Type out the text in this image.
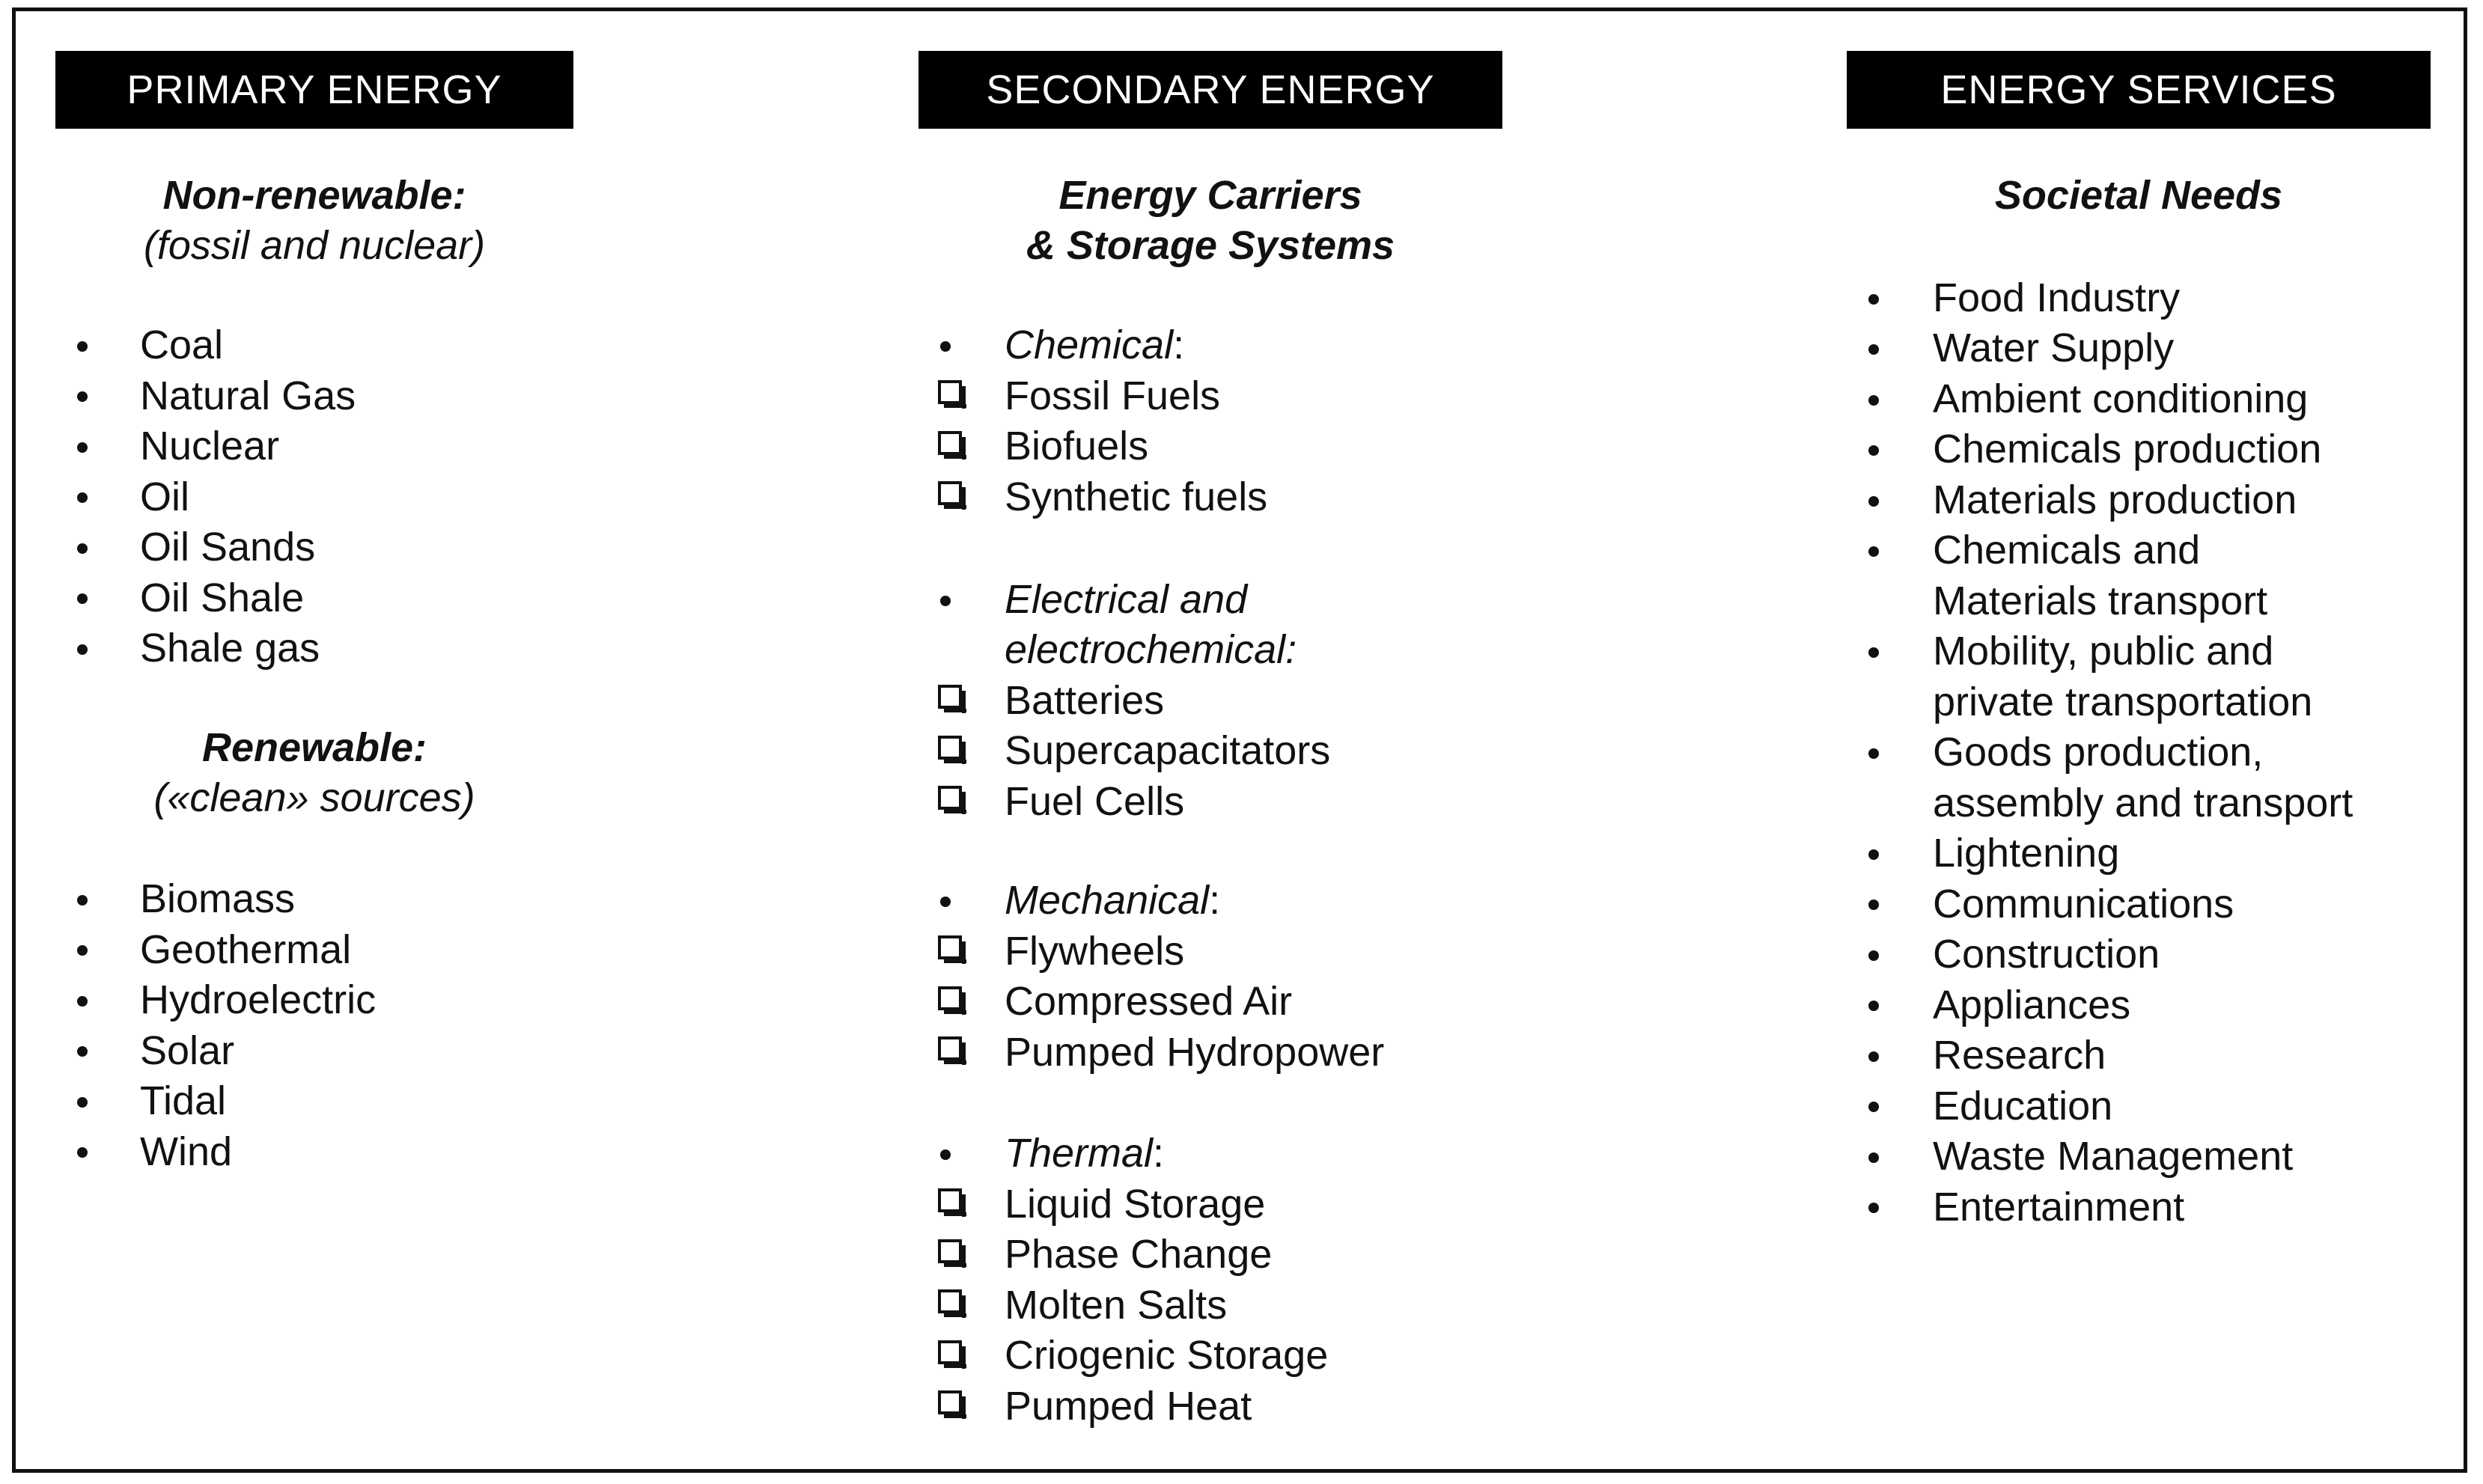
PRIMARY ENERGY
Non-renewable:
(fossil and nuclear)
Coal
Natural Gas
Nuclear
Oil
Oil Sands
Oil Shale
Shale gas
Renewable:
(«clean» sources)
Biomass
Geothermal
Hydroelectric
Solar
Tidal
Wind
SECONDARY ENERGY
Energy Carriers
& Storage Systems
Chemical:
Fossil Fuels
Biofuels
Synthetic fuels
Electrical and
electrochemical:
Batteries
Supercapacitators
Fuel Cells
Mechanical:
Flywheels
Compressed Air
Pumped Hydropower
Thermal:
Liquid Storage
Phase Change
Molten Salts
Criogenic Storage
Pumped Heat
ENERGY SERVICES
Societal Needs
Food Industry
Water Supply
Ambient conditioning
Chemicals production
Materials production
Chemicals and
Materials transport
Mobility, public and
private transportation
Goods production,
assembly and transport
Lightening
Communications
Construction
Appliances
Research
Education
Waste Management
Entertainment
